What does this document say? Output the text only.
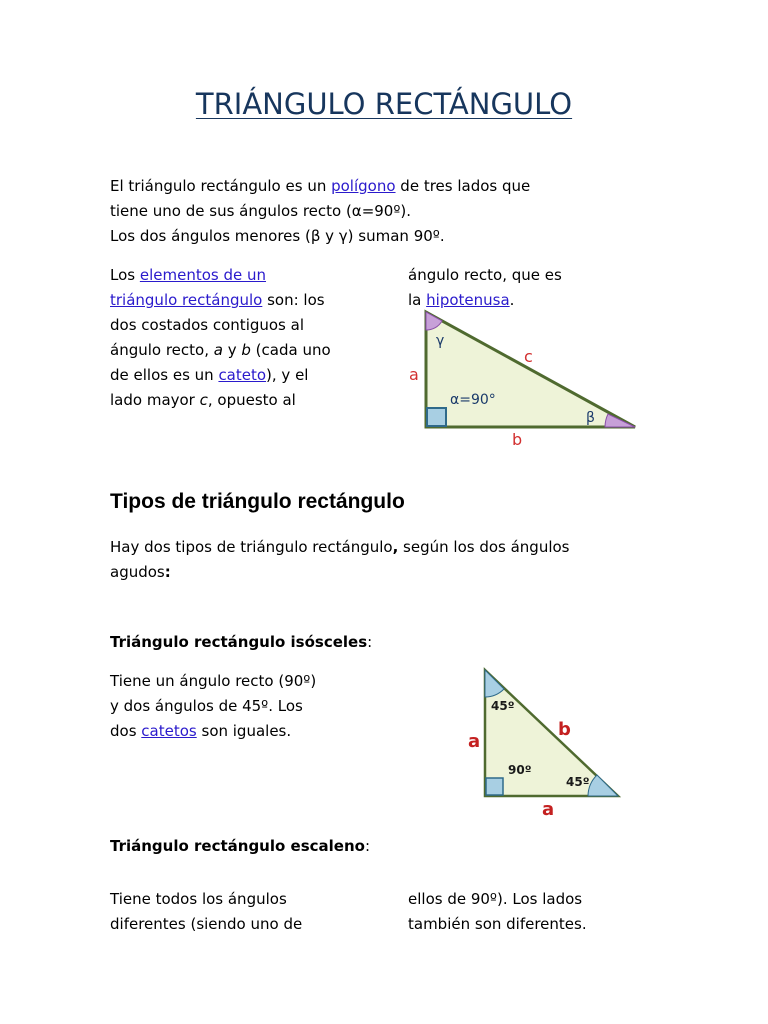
TRIÁNGULO RECTÁNGULO
El triángulo rectángulo es un polígono de tres lados que
tiene uno de sus ángulos recto (α=90º).
Los dos ángulos menores (β y γ) suman 90º.
Los elementos de un
triángulo rectángulo son: los
dos costados contiguos al
ángulo recto, a y b (cada uno
de ellos es un cateto), y el
lado mayor c, opuesto al
ángulo recto, que es
la hipotenusa.
γ
β
α=90°
a
b
c
Tipos de triángulo rectángulo
Hay dos tipos de triángulo rectángulo, según los dos ángulos
agudos:
Triángulo rectángulo isósceles:
Tiene un ángulo recto (90º)
y dos ángulos de 45º. Los
dos catetos son iguales.
45º
90º
45º
a
a
b
Triángulo rectángulo escaleno:
Tiene todos los ángulos
diferentes (siendo uno de
ellos de 90º). Los lados
también son diferentes.
